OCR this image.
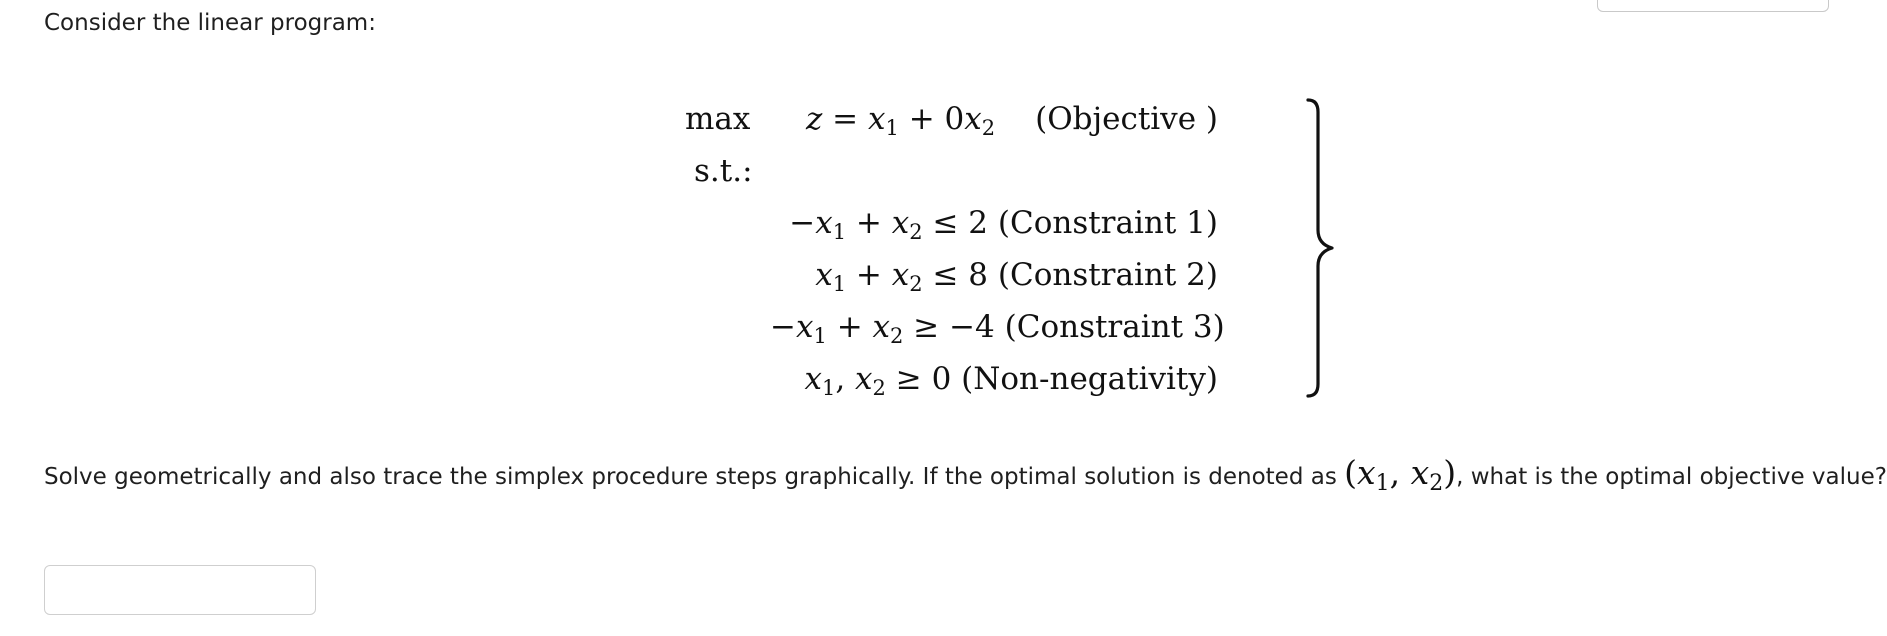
Consider the linear program:
max
s.t.:
z = x1 + 0x2 (Objective )
−x1 + x2 ≤ 2 (Constraint 1)
x1 + x2 ≤ 8 (Constraint 2)
−x1 + x2 ≥ −4 (Constraint 3)
x1, x2 ≥ 0 (Non-negativity)
Solve geometrically and also trace the simplex procedure steps graphically. If the optimal solution is denoted as (x1, x2), what is the optimal objective value?
